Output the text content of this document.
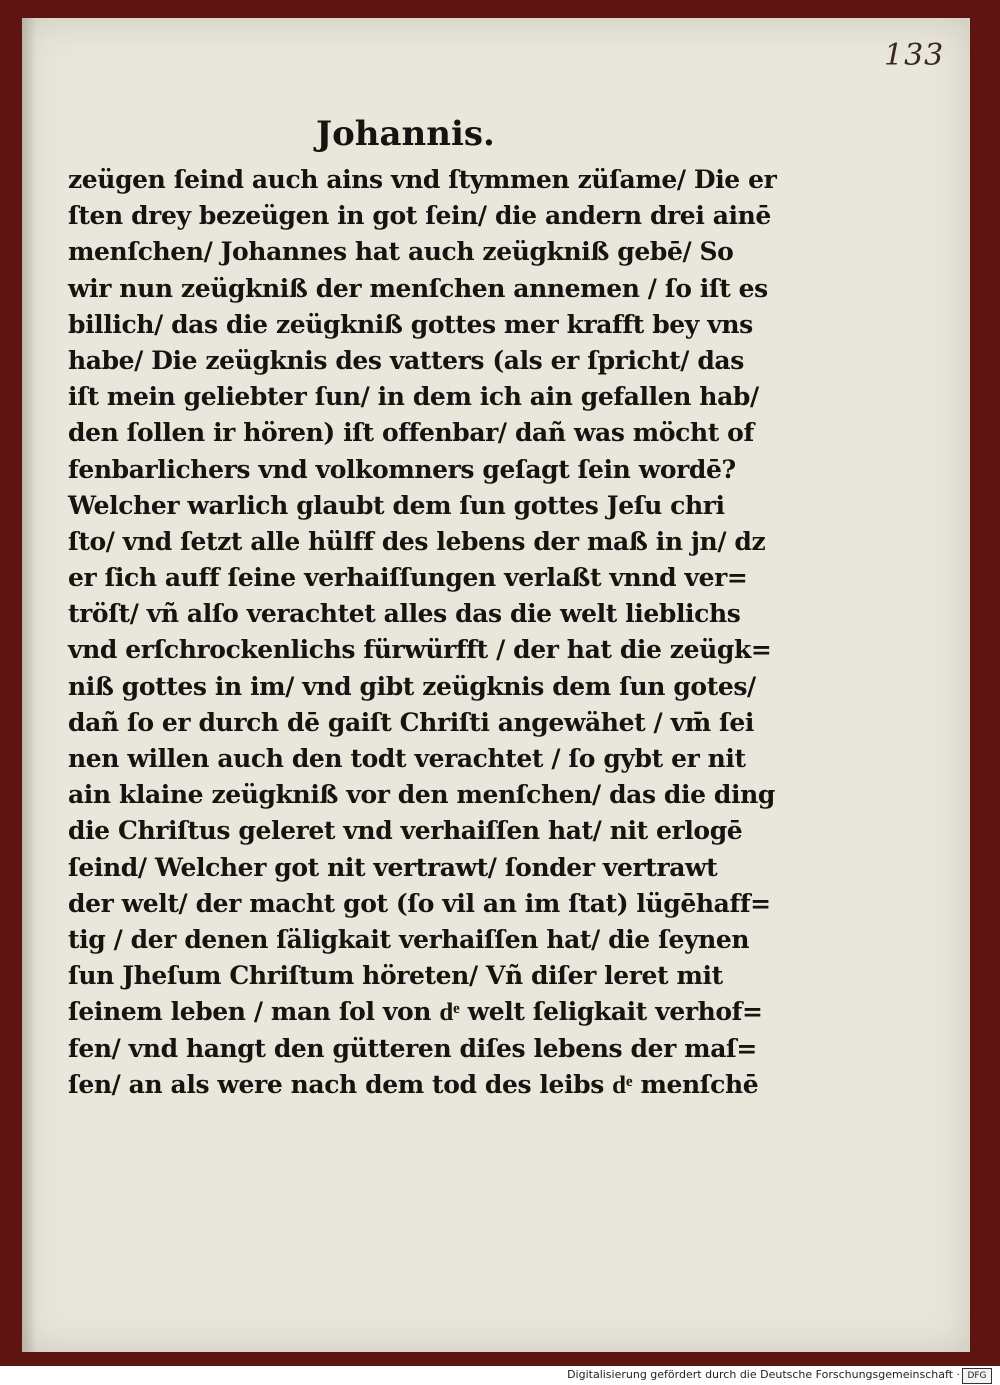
133
Johannis.
zeügen ſeind auch ains vnd ſtymmen züſame/ Die er
ſten drey bezeügen in got ſein/ die andern drei ainē
menſchen/ Johannes hat auch zeügkniß gebē/ So
wir nun zeügkniß der menſchen annemen / ſo iſt es
billich/ das die zeügkniß gottes mer krafft bey vns
habe/ Die zeügknis des vatters (als er ſpricht/ das
iſt mein geliebter ſun/ in dem ich ain gefallen hab/
den ſollen ir hören) iſt offenbar/ dañ was möcht of
fenbarlichers vnd volkomners geſagt ſein wordē?
Welcher warlich glaubt dem ſun gottes Jeſu chri
ſto/ vnd ſetzt alle hülff des lebens der maß in jn/ dz
er ſich auff ſeine verhaiſſungen verlaßt vnnd ver=
tröſt/ vñ alſo verachtet alles das die welt lieblichs
vnd erſchrockenlichs fürwürfft / der hat die zeügk=
niß gottes in im/ vnd gibt zeügknis dem ſun gotes/
dañ ſo er durch dē gaiſt Chriſti angewähet / vm̄ ſei
nen willen auch den todt verachtet / ſo gybt er nit
ain klaine zeügkniß vor den menſchen/ das die ding
die Chriſtus geleret vnd verhaiſſen hat/ nit erlogē
ſeind/ Welcher got nit vertrawt/ ſonder vertrawt
der welt/ der macht got (ſo vil an im ſtat) lügēhaff=
tig / der denen ſäligkait verhaiſſen hat/ die ſeynen
ſun Jheſum Chriſtum höreten/ Vñ diſer leret mit
ſeinem leben / man ſol von dͤ welt ſeligkait verhof=
fen/ vnd hangt den gütteren diſes lebens der maſ=
ſen/ an als were nach dem tod des leibs dͤ menſchē
Digitalisierung gefördert durch die Deutsche Forschungsgemeinschaft · DFG
